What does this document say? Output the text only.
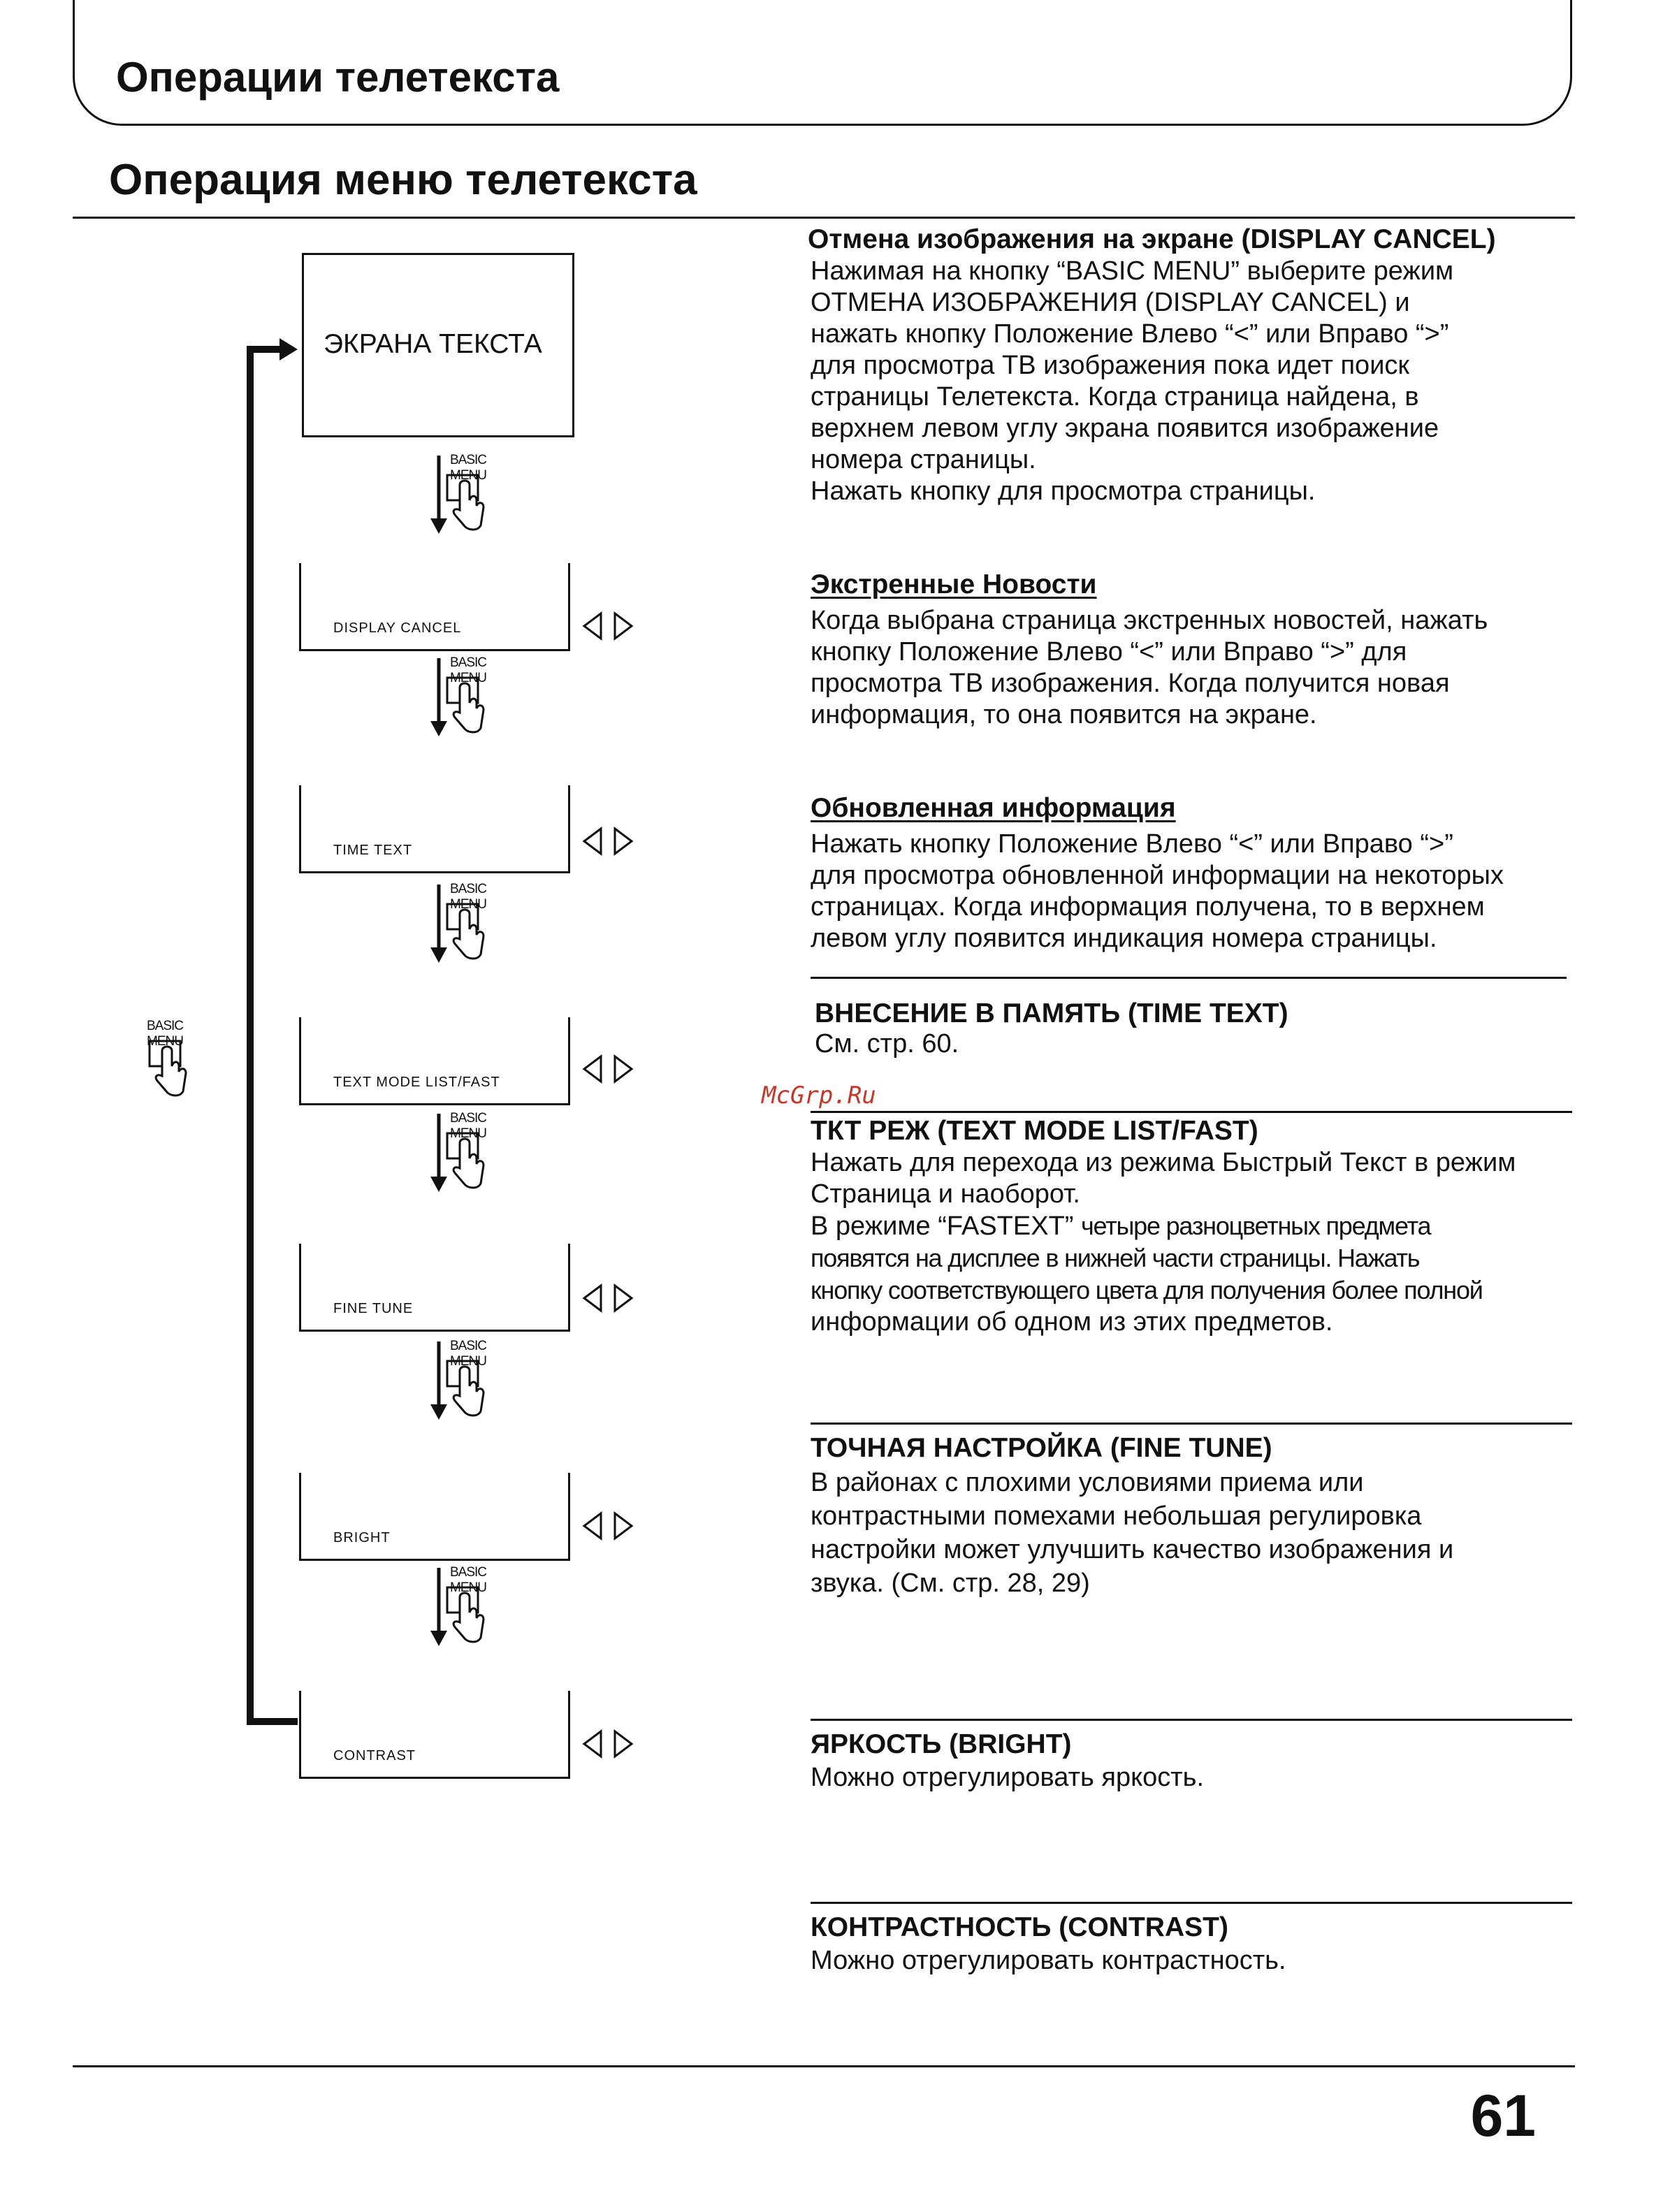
Операции телетекста
Операция меню телетекста
BASIC MENU
BASIC MENU
BASIC MENU
BASIC MENU
BASIC MENU
BASIC MENU
BASIC MENU
ЭКРАНА ТЕКСТА
DISPLAY CANCEL
TIME TEXT
TEXT MODE LIST/FAST
FINE TUNE
BRIGHT
CONTRAST
Отмена изображения на экране (DISPLAY CANCEL)
Нажимая на кнопку “BASIC MENU” выберите режим
ОТМЕНА ИЗОБРАЖЕНИЯ (DISPLAY CANCEL) и
нажать кнопку Положение Влево “<” или Вправо “>”
для просмотра ТВ изображения пока идет поиск
страницы Телетекста. Когда страница найдена, в
верхнем левом углу экрана появится изображение
номера страницы.
Нажать кнопку для просмотра страницы.
Экстренные Новости
Когда выбрана страница экстренных новостей, нажать
кнопку Положение Влево “<” или Вправо “>” для
просмотра ТВ изображения. Когда получится новая
информация, то она появится на экране.
Обновленная информация
Нажать кнопку Положение Влево “<” или Вправо “>”
для просмотра обновленной информации на некоторых
страницах. Когда информация получена, то в верхнем
левом углу появится индикация номера страницы.
ВНЕСЕНИЕ В ПАМЯТЬ (TIME TEXT)
См. стр. 60.
McGrp.Ru
ТКТ РЕЖ (TEXT MODE LIST/FAST)
Нажать для перехода из режима Быстрый Текст в режим
Страница и наоборот.
В режиме “FASTEXT” четыре разноцветных предмета
появятся на дисплее в нижней части страницы. Нажать
кнопку соответствующего цвета для получения более полной
информации об одном из этих предметов.
ТОЧНАЯ НАСТРОЙКА (FINE TUNE)
В районах с плохими условиями приема или
контрастными помехами небольшая регулировка
настройки может улучшить качество изображения и
звука. (См. стр. 28, 29)
ЯРКОСТЬ (BRIGHT)
Можно отрегулировать яркость.
КОНТРАСТНОСТЬ (CONTRAST)
Можно отрегулировать контрастность.
61
